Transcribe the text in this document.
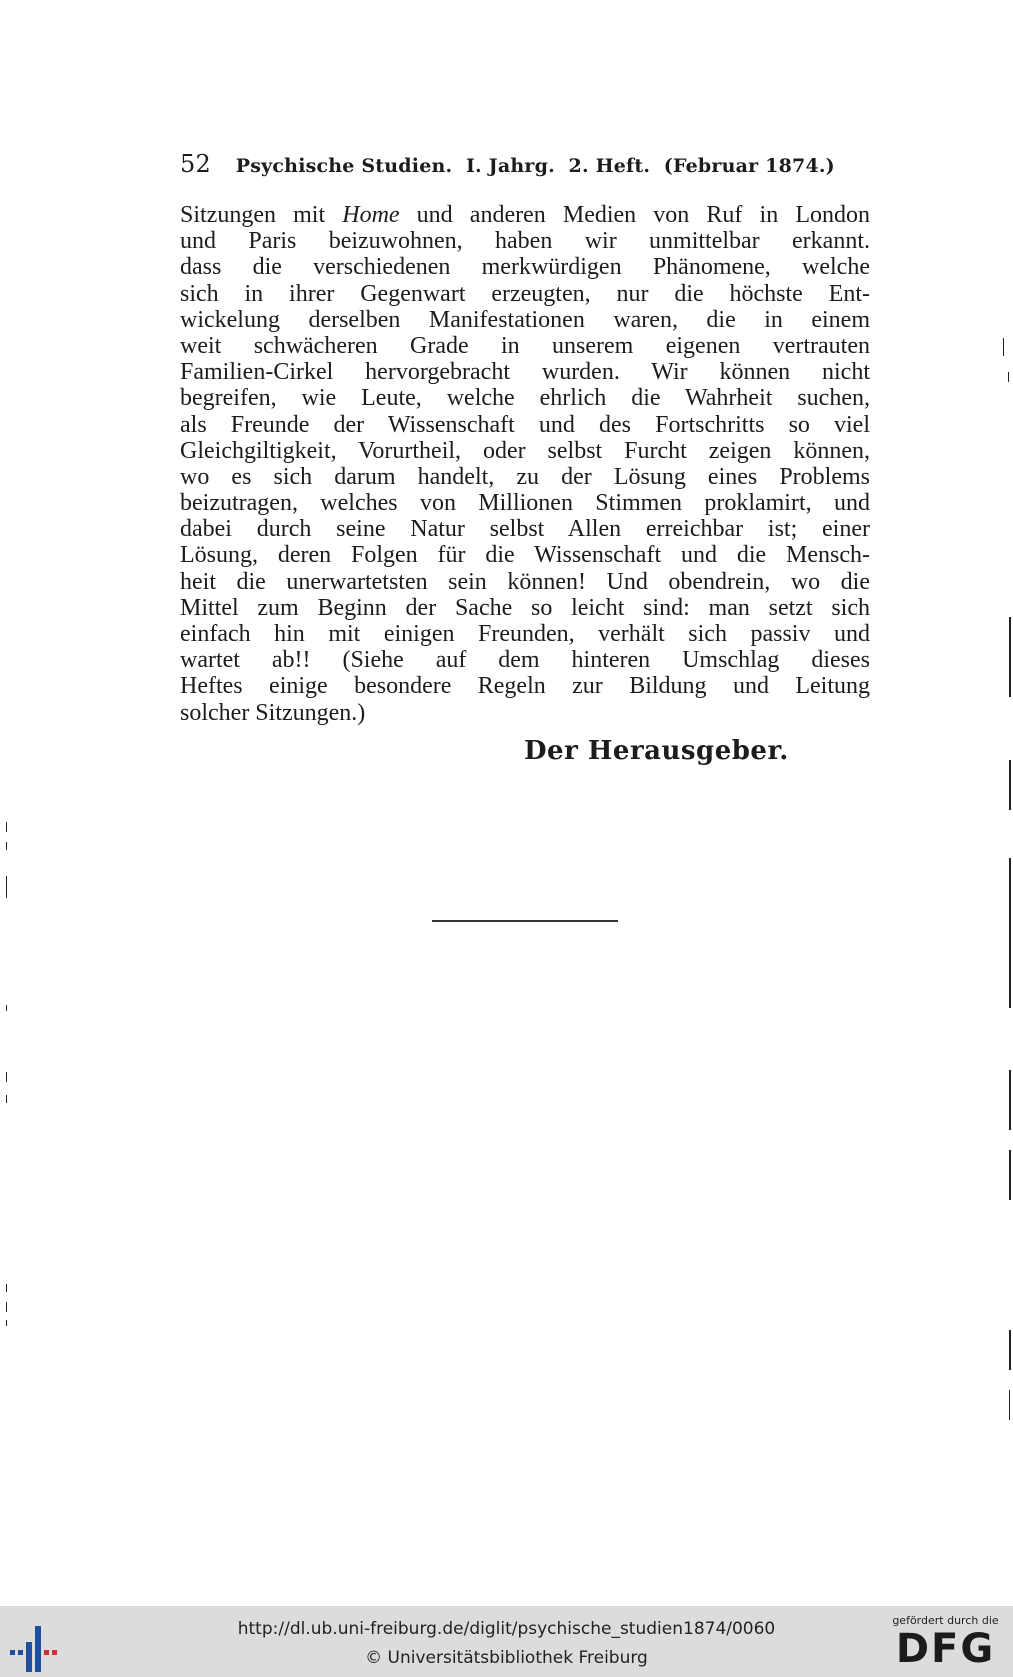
52 Psychische Studien.  I. Jahrg.  2. Heft.  (Februar 1874.)
Sitzungen mit Home und anderen Medien von Ruf in London
und Paris beizuwohnen, haben wir unmittelbar erkannt.
dass die verschiedenen merkwürdigen Phänomene, welche
sich in ihrer Gegenwart erzeugten, nur die höchste Ent-
wickelung derselben Manifestationen waren, die in einem
weit schwächeren Grade in unserem eigenen vertrauten
Familien-Cirkel hervorgebracht wurden. Wir können nicht
begreifen, wie Leute, welche ehrlich die Wahrheit suchen,
als Freunde der Wissenschaft und des Fortschritts so viel
Gleichgiltigkeit, Vorurtheil, oder selbst Furcht zeigen können,
wo es sich darum handelt, zu der Lösung eines Problems
beizutragen, welches von Millionen Stimmen proklamirt, und
dabei durch seine Natur selbst Allen erreichbar ist; einer
Lösung, deren Folgen für die Wissenschaft und die Mensch-
heit die unerwartetsten sein können! Und obendrein, wo die
Mittel zum Beginn der Sache so leicht sind: man setzt sich
einfach hin mit einigen Freunden, verhält sich passiv und
wartet ab!! (Siehe auf dem hinteren Umschlag dieses
Heftes einige besondere Regeln zur Bildung und Leitung
solcher Sitzungen.)
Der Herausgeber.
http://dl.ub.uni-freiburg.de/diglit/psychische_studien1874/0060
© Universitätsbibliothek Freiburg
gefördert durch die
DFG
